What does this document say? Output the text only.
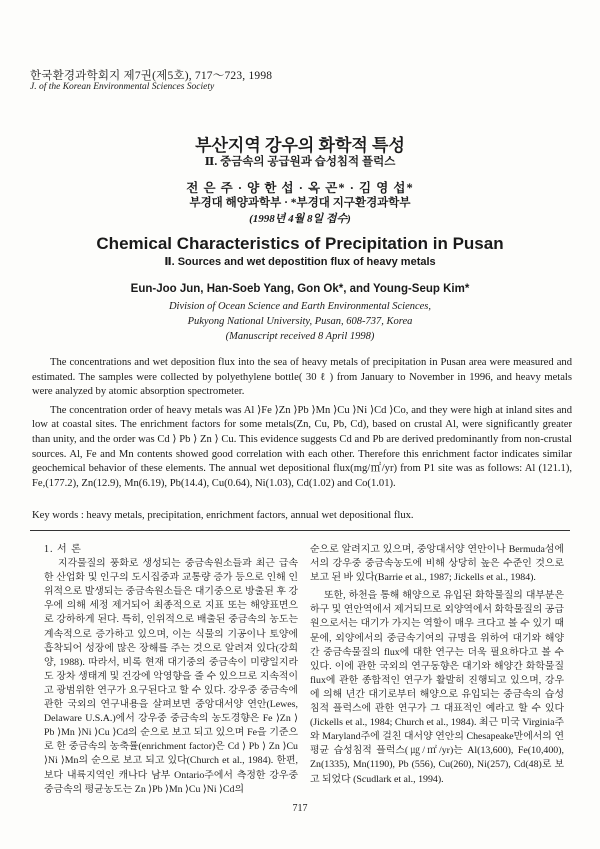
한국환경과학회지 제7권(제5호), 717～723, 1998
J. of the Korean Environmental Sciences Society
부산지역 강우의 화학적 특성
Ⅱ. 중금속의 공급원과 습성침적 플럭스
전 은 주 · 양 한 섭 · 옥 곤* · 김 영 섭*
부경대 해양과학부 · *부경대 지구환경과학부
(1998년 4월 8일 접수)
Chemical Characteristics of Precipitation in Pusan
Ⅱ. Sources and wet depostition flux of heavy metals
Eun-Joo Jun, Han-Soeb Yang, Gon Ok*, and Young-Seup Kim*
Division of Ocean Science and Earth Environmental Sciences,
Pukyong National University, Pusan, 608-737, Korea
(Manuscript received 8 April 1998)

The concentrations and wet deposition flux into the sea of heavy metals of precipitation in Pusan area were measured and estimated. The samples were collected by polyethylene bottle( 30 ℓ ) from January to November in 1996, and heavy metals were analyzed by atomic absorption spectrometer.

The concentration order of heavy metals was Al ⟩Fe ⟩Zn ⟩Pb ⟩Mn ⟩Cu ⟩Ni ⟩Cd ⟩Co, and they were high at inland sites and low at coastal sites. The enrichment factors for some metals(Zn, Cu, Pb, Cd), based on crustal Al, were significantly greater than unity, and the order was Cd ⟩ Pb ⟩ Zn ⟩ Cu. This evidence suggests Cd and Pb are derived predominantly from non-crustal sources. Al, Fe and Mn contents showed good correlation with each other. Therefore this enrichment factor indicates similar geochemical behavior of these elements. The annual wet depositional flux(mg/㎡/yr) from P1 site was as follows: Al (121.1), Fe,(177.2), Zn(12.9), Mn(6.19), Pb(14.4), Cu(0.64), Ni(1.03), Cd(1.02) and Co(1.01).

Key words : heavy metals, precipitation, enrichment factors, annual wet depositional flux.

1. 서 론

지각물질의 풍화로 생성되는 중금속원소들과 최근 급속한 산업화 및 인구의 도시집중과 교통량 증가 등으로 인해 인위적으로 발생되는 중금속원소들은 대기중으로 방출된 후 강우에 의해 세정 제거되어 최종적으로 지표 또는 해양표면으로 강하하게 된다. 특히, 인위적으로 배출된 중금속의 농도는 계속적으로 증가하고 있으며, 이는 식물의 기공이나 토양에 흡착되어 성장에 많은 장해를 주는 것으로 알려져 있다(강희양, 1988). 따라서, 비록 현재 대기중의 중금속이 미량일지라도 장차 생태계 및 건강에 악영향을 줄 수 있으므로 지속적이고 광범위한 연구가 요구된다고 할 수 있다. 강우중 중금속에 관한 국외의 연구내용을 살펴보면 중앙대서양 연안(Lewes, Delaware U.S.A.)에서 강우중 중금속의 농도경향은 Fe ⟩Zn ⟩Pb ⟩Mn ⟩Ni ⟩Cu ⟩Cd의 순으로 보고 되고 있으며 Fe을 기준으로 한 중금속의 농축률(enrichment factor)은 Cd ⟩ Pb ⟩ Zn ⟩Cu ⟩Ni ⟩Mn의 순으로 보고 되고 있다(Church et al., 1984). 한편, 보다 내륙지역인 캐나다 남부 Ontario주에서 측정한 강우중 중금속의 평균농도는 Zn ⟩Pb ⟩Mn ⟩Cu ⟩Ni ⟩Cd의

순으로 알려지고 있으며, 중앙대서양 연안이나 Bermuda섬에서의 강우중 중금속농도에 비해 상당히 높은 수준인 것으로 보고 된 바 있다(Barrie et al., 1987; Jickells et al., 1984).

또한, 하천을 통해 해양으로 유입된 화학물질의 대부분은 하구 및 연안역에서 제거되므로 외양역에서 화학물질의 공급원으로서는 대기가 가지는 역할이 매우 크다고 볼 수 있기 때문에, 외양에서의 중금속기여의 규명을 위하여 대기와 해양간 중금속물질의 flux에 대한 연구는 더욱 필요하다고 볼 수 있다. 이에 관한 국외의 연구동향은 대기와 해양간 화학물질 flux에 관한 종합적인 연구가 활발히 진행되고 있으며, 강우에 의해 년간 대기로부터 해양으로 유입되는 중금속의 습성침적 플럭스에 관한 연구가 그 대표적인 예라고 할 수 있다(Jickells et al., 1984; Church et al., 1984). 최근 미국 Virginia주와 Maryland주에 걸친 대서양 연안의 Chesapeake만에서의 연 평균 습성침적 플럭스(㎍/㎡/yr)는 Al(13,600), Fe(10,400), Zn(1335), Mn(1190), Pb (556), Cu(260), Ni(257), Cd(48)로 보고 되었다 (Scudlark et al., 1994).

717
